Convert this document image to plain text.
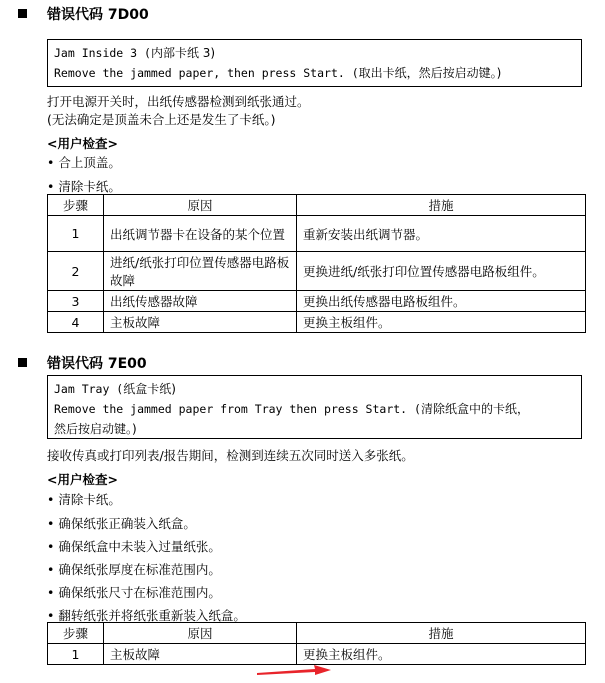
错误代码 7D00
Jam Inside 3 (内部卡纸 3)
Remove the jammed paper, then press Start. (取出卡纸，然后按启动键。)
打开电源开关时，出纸传感器检测到纸张通过。
(无法确定是顶盖未合上还是发生了卡纸。)
<用户检查>
• 合上顶盖。
• 清除卡纸。
步骤	原因	措施
1	出纸调节器卡在设备的某个位置	重新安装出纸调节器。
2	进纸/纸张打印位置传感器电路板故障	更换进纸/纸张打印位置传感器电路板组件。
3	出纸传感器故障	更换出纸传感器电路板组件。
4	主板故障	更换主板组件。
错误代码 7E00
Jam Tray (纸盒卡纸)
Remove the jammed paper from Tray then press Start. (清除纸盒中的卡纸，
然后按启动键。)
接收传真或打印列表/报告期间，检测到连续五次同时送入多张纸。
<用户检查>
• 清除卡纸。
• 确保纸张正确装入纸盒。
• 确保纸盒中未装入过量纸张。
• 确保纸张厚度在标准范围内。
• 确保纸张尺寸在标准范围内。
• 翻转纸张并将纸张重新装入纸盒。
步骤	原因	措施
1	主板故障	更换主板组件。
